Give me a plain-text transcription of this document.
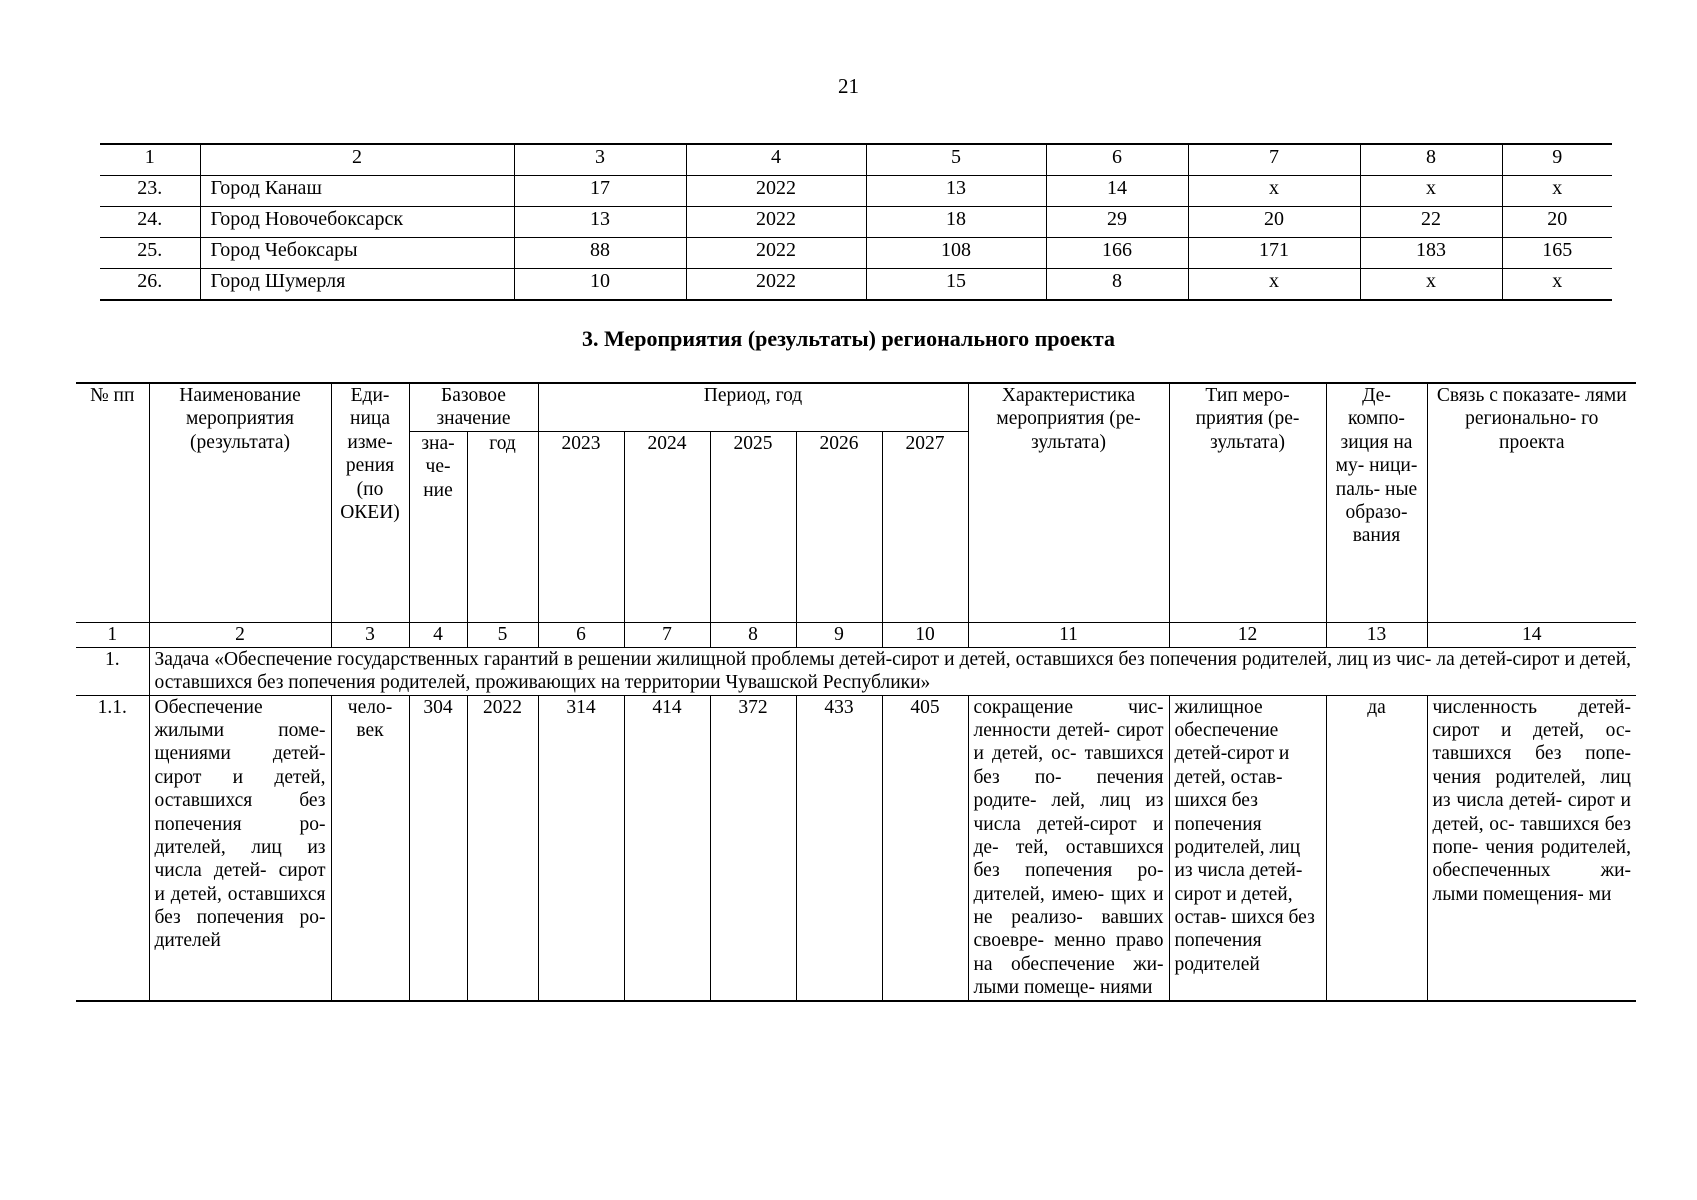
21
1	2	3	4	5	6	7	8	9
23.	Город Канаш	17	2022	13	14	x	x	x
24.	Город Новочебоксарск	13	2022	18	29	20	22	20
25.	Город Чебоксары	88	2022	108	166	171	183	165
26.	Город Шумерля	10	2022	15	8	x	x	x
3. Мероприятия (результаты) регионального проекта
№ пп	Наименование мероприятия (результата)	Еди- ница изме- рения (по ОКЕИ)	Базовое значение		Период, год					Характеристика мероприятия (ре- зультата)	Тип меро- приятия (ре- зультата)	Де- компо- зиция на му- ници- паль- ные образо- вания	Связь с показате- лями регионально- го проекта
			зна- че- ние	год	2023	2024	2025	2026	2027				

1	2	3	4	5	6	7	8	9	10	11	12	13	14
1.	Задача «Обеспечение государственных гарантий в решении жилищной проблемы детей-сирот и детей, оставшихся без попечения родителей, лиц из чис- ла детей-сирот и детей, оставшихся без попечения родителей, проживающих на территории Чувашской Республики»												
1.1.	Обеспечение жилыми поме- щениями детей- сирот и детей, оставшихся без попечения ро- дителей, лиц из числа детей- сирот и детей, оставшихся без попечения ро- дителей	чело- век	304	2022	314	414	372	433	405	сокращение чис- ленности детей- сирот и детей, ос- тавшихся без по- печения родите- лей, лиц из числа детей-сирот и де- тей, оставшихся без попечения ро- дителей, имею- щих и не реализо- вавших своевре- менно право на обеспечение жи- лыми помеще- ниями	жилищное обеспечение детей-сирот и детей, остав- шихся без попечения родителей, лиц из числа детей-сирот и детей, остав- шихся без попечения родителей	да	численность детей- сирот и детей, ос- тавшихся без попе- чения родителей, лиц из числа детей- сирот и детей, ос- тавшихся без попе- чения родителей, обеспеченных жи- лыми помещения- ми
